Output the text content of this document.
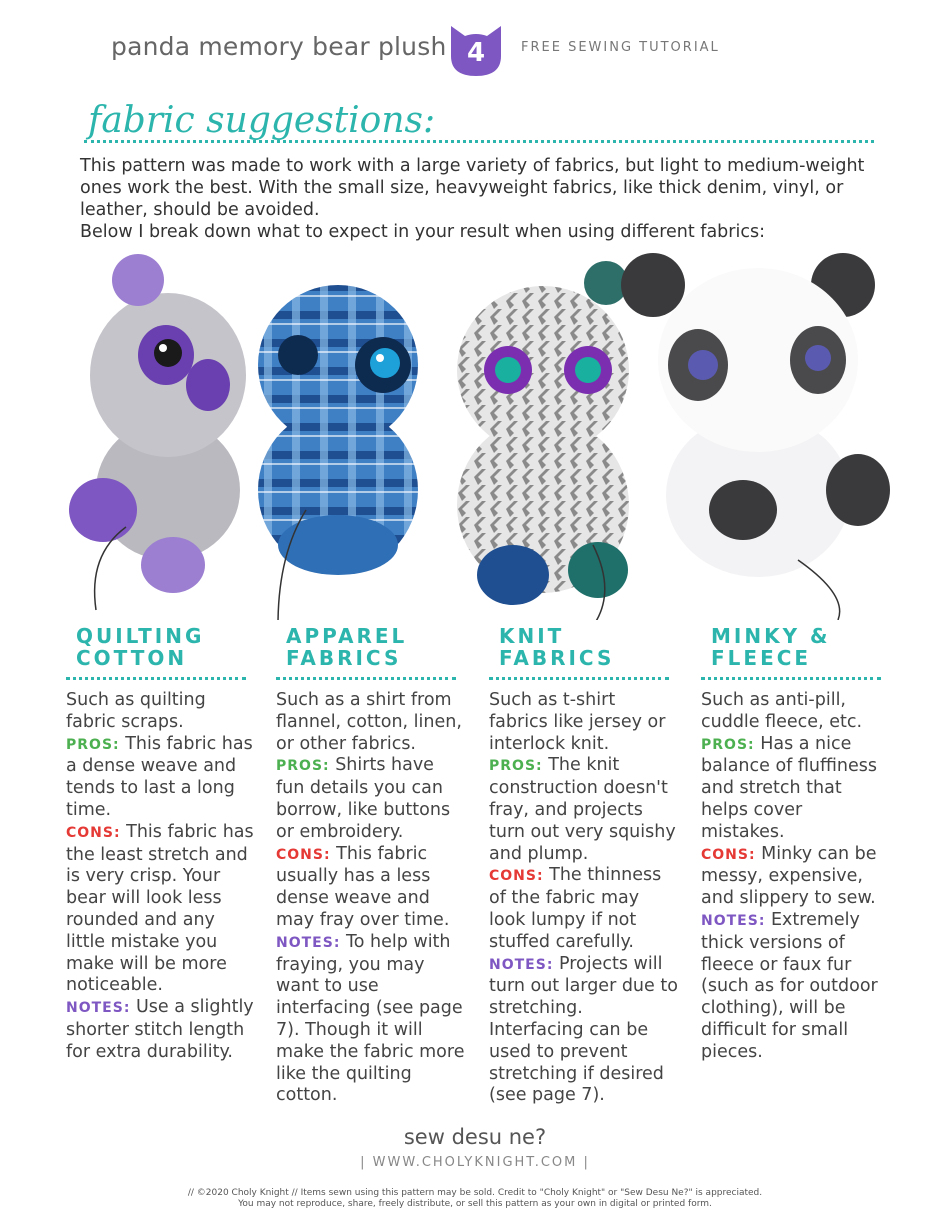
panda memory bear plush 4	FREE SEWING TUTORIAL
fabric suggestions:

This pattern was made to work with a large variety of fabrics, but light to medium-weight ones work the best. With the small size, heavyweight fabrics, like thick denim, vinyl, or leather, should be avoided.

Below I break down what to expect in your result when using different fabrics:

QUILTING
COTTON
Such as quilting fabric scraps.
PROS: This fabric has a dense weave and tends to last a long time.
CONS: This fabric has the least stretch and is very crisp. Your bear will look less rounded and any little mistake you make will be more noticeable.
NOTES: Use a slightly shorter stitch length for extra durability.
APPAREL
FABRICS
Such as a shirt from flannel, cotton, linen, or other fabrics.
PROS: Shirts have fun details you can borrow, like buttons or embroidery.
CONS: This fabric usually has a less dense weave and may fray over time.
NOTES: To help with fraying, you may want to use interfacing (see page 7). Though it will make the fabric more like the quilting cotton.
KNIT
FABRICS
Such as t-shirt fabrics like jersey or interlock knit.
PROS: The knit construction doesn't fray, and projects turn out very squishy and plump.
CONS: The thinness of the fabric may look lumpy if not stuffed carefully.
NOTES: Projects will turn out larger due to stretching. Interfacing can be used to prevent stretching if desired (see page 7).
MINKY &
FLEECE
Such as anti-pill, cuddle fleece, etc.
PROS: Has a nice balance of fluffiness and stretch that helps cover mistakes.
CONS: Minky can be messy, expensive, and slippery to sew.
NOTES: Extremely thick versions of fleece or faux fur (such as for outdoor clothing), will be difficult for small pieces.
sew desu ne?
| WWW.CHOLYKNIGHT.COM |
// ©2020 Choly Knight // Items sewn using this pattern may be sold. Credit to "Choly Knight" or "Sew Desu Ne?" is appreciated.
You may not reproduce, share, freely distribute, or sell this pattern as your own in digital or printed form.
